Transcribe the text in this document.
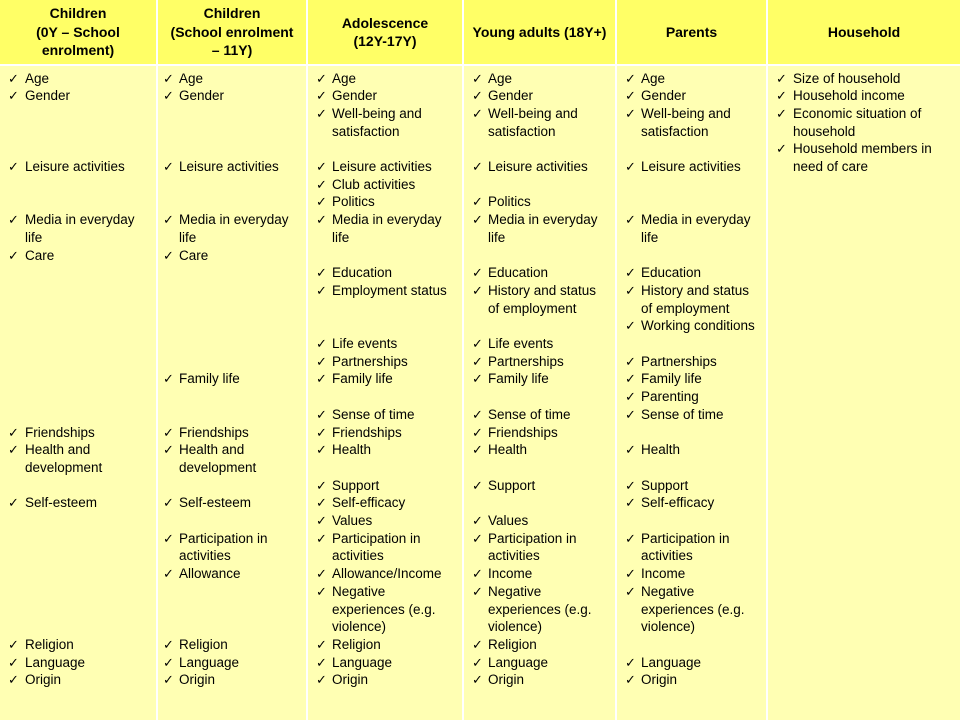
Children
(0Y – School
enrolment)
✓ Age
✓ Gender
✓ Leisure activities
✓ Media in everyday
life
✓ Care
✓ Friendships
✓ Health and
development
✓ Self-esteem
✓ Religion
✓ Language
✓ Origin
Children
(School enrolment
– 11Y)
✓ Age
✓ Gender
✓ Leisure activities
✓ Media in everyday
life
✓ Care
✓ Family life
✓ Friendships
✓ Health and
development
✓ Self-esteem
✓ Participation in
activities
✓ Allowance
✓ Religion
✓ Language
✓ Origin
Adolescence
(12Y-17Y)
✓ Age
✓ Gender
✓ Well-being and
satisfaction
✓ Leisure activities
✓ Club activities
✓ Politics
✓ Media in everyday
life
✓ Education
✓ Employment status
✓ Life events
✓ Partnerships
✓ Family life
✓ Sense of time
✓ Friendships
✓ Health
✓ Support
✓ Self-efficacy
✓ Values
✓ Participation in
activities
✓ Allowance/Income
✓ Negative
experiences (e.g.
violence)
✓ Religion
✓ Language
✓ Origin
Young adults (18Y+)
✓ Age
✓ Gender
✓ Well-being and
satisfaction
✓ Leisure activities
✓ Politics
✓ Media in everyday
life
✓ Education
✓ History and status
of employment
✓ Life events
✓ Partnerships
✓ Family life
✓ Sense of time
✓ Friendships
✓ Health
✓ Support
✓ Values
✓ Participation in
activities
✓ Income
✓ Negative
experiences (e.g.
violence)
✓ Religion
✓ Language
✓ Origin
Parents
✓ Age
✓ Gender
✓ Well-being and
satisfaction
✓ Leisure activities
✓ Media in everyday
life
✓ Education
✓ History and status
of employment
✓ Working conditions
✓ Partnerships
✓ Family life
✓ Parenting
✓ Sense of time
✓ Health
✓ Support
✓ Self-efficacy
✓ Participation in
activities
✓ Income
✓ Negative
experiences (e.g.
violence)
✓ Language
✓ Origin
Household
✓ Size of household
✓ Household income
✓ Economic situation of
household
✓ Household members in
need of care
